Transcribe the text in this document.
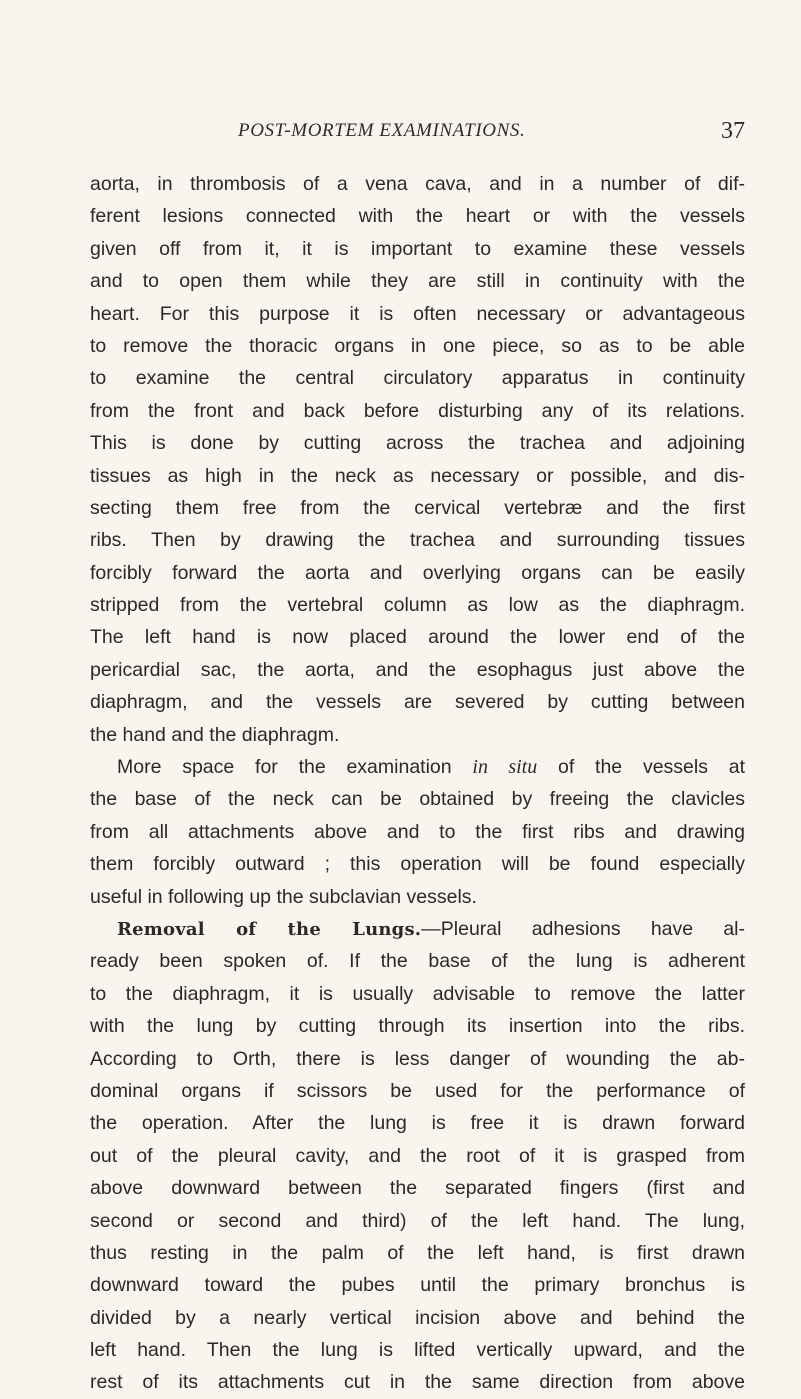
POST-MORTEM EXAMINATIONS.	37
aorta, in thrombosis of a vena cava, and in a number of dif-
ferent lesions connected with the heart or with the vessels
given off from it, it is important to examine these vessels
and to open them while they are still in continuity with the
heart. For this purpose it is often necessary or advantageous
to remove the thoracic organs in one piece, so as to be able
to examine the central circulatory apparatus in continuity
from the front and back before disturbing any of its relations.
This is done by cutting across the trachea and adjoining
tissues as high in the neck as necessary or possible, and dis-
secting them free from the cervical vertebræ and the first
ribs. Then by drawing the trachea and surrounding tissues
forcibly forward the aorta and overlying organs can be easily
stripped from the vertebral column as low as the diaphragm.
The left hand is now placed around the lower end of the
pericardial sac, the aorta, and the esophagus just above the
diaphragm, and the vessels are severed by cutting between
the hand and the diaphragm.
More space for the examination in situ of the vessels at
the base of the neck can be obtained by freeing the clavicles
from all attachments above and to the first ribs and drawing
them forcibly outward ; this operation will be found especially
useful in following up the subclavian vessels.
Removal of the Lungs.—Pleural adhesions have al-
ready been spoken of. If the base of the lung is adherent
to the diaphragm, it is usually advisable to remove the latter
with the lung by cutting through its insertion into the ribs.
According to Orth, there is less danger of wounding the ab-
dominal organs if scissors be used for the performance of
the operation. After the lung is free it is drawn forward
out of the pleural cavity, and the root of it is grasped from
above downward between the separated fingers (first and
second or second and third) of the left hand. The lung,
thus resting in the palm of the left hand, is first drawn
downward toward the pubes until the primary bronchus is
divided by a nearly vertical incision above and behind the
left hand. Then the lung is lifted vertically upward, and the
rest of its attachments cut in the same direction from above
